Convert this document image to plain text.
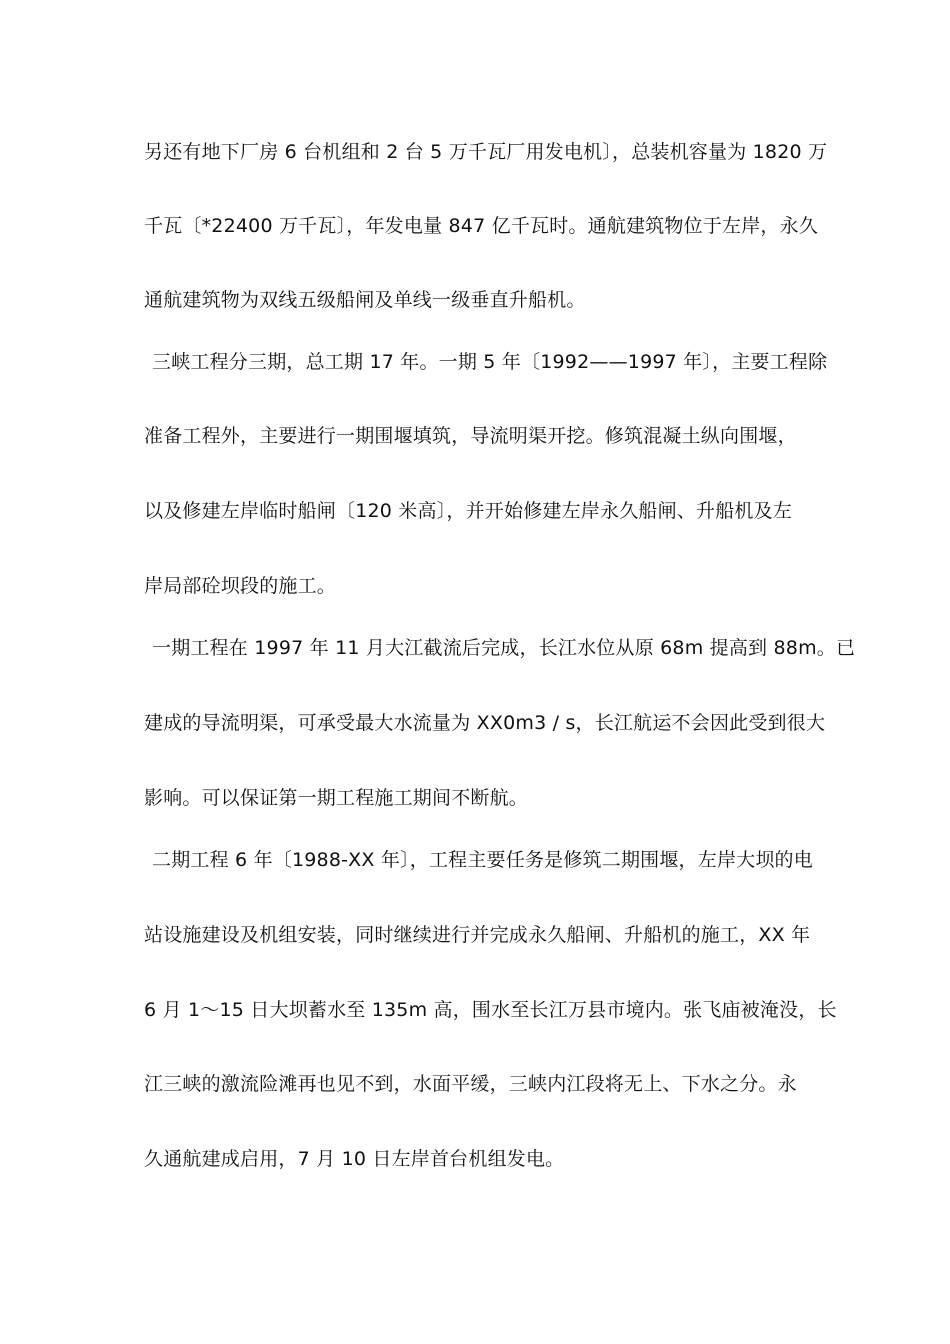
另还有地下厂房 6 台机组和 2 台 5 万千瓦厂用发电机〕，总装机容量为 1820 万
千瓦〔*22400 万千瓦〕，年发电量 847 亿千瓦时。通航建筑物位于左岸，永久
通航建筑物为双线五级船闸及单线一级垂直升船机。
三峡工程分三期，总工期 17 年。一期 5 年〔1992——1997 年〕，主要工程除
准备工程外，主要进行一期围堰填筑，导流明渠开挖。修筑混凝土纵向围堰，
以及修建左岸临时船闸〔120 米高〕，并开始修建左岸永久船闸、升船机及左
岸局部砼坝段的施工。
一期工程在 1997 年 11 月大江截流后完成，长江水位从原 68m 提高到 88m。已
建成的导流明渠，可承受最大水流量为 XX0m3 / s，长江航运不会因此受到很大
影响。可以保证第一期工程施工期间不断航。
二期工程 6 年〔1988-XX 年〕，工程主要任务是修筑二期围堰，左岸大坝的电
站设施建设及机组安装，同时继续进行并完成永久船闸、升船机的施工，XX 年
6 月 1～15 日大坝蓄水至 135m 高，围水至长江万县市境内。张飞庙被淹没，长
江三峡的激流险滩再也见不到，水面平缓，三峡内江段将无上、下水之分。永
久通航建成启用，7 月 10 日左岸首台机组发电。
